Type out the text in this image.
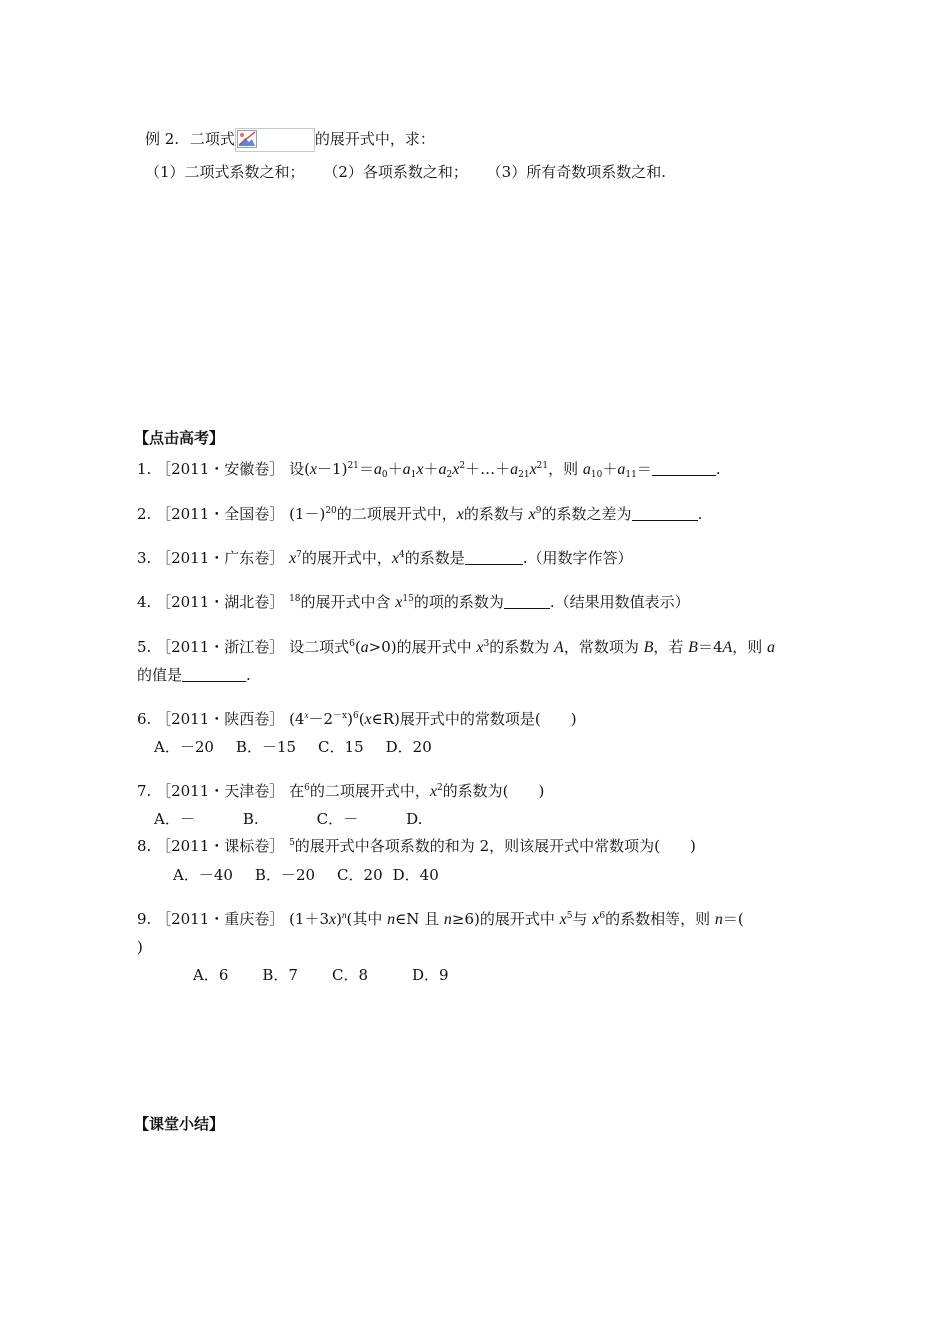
例 2. 二项式	的展开式中，求：
（1）二项式系数之和； （2）各项系数之和； （3）所有奇数项系数之和.
【点击高考】
1. ［2011・安徽卷］ 设$(x-1)^{21}=a_0+a_1x+a_2x^2+\dots+a_{21}x^{21}$，则 $a_{10}+a_{11}=$	.
2. ［2011・全国卷］ $(1-)^{20}$的二项展开式中，x的系数与 $x^9$的系数之差为	.
3. ［2011・广东卷］ $x^7$的展开式中，$x^4$的系数是	.（用数字作答）
4. ［2011・湖北卷］ $^{18}$的展开式中含 $x^{15}$的项的系数为	.（结果用数值表示）
5. ［2011・浙江卷］ 设二项式$^6$(a>0)的展开式中 $x^3$的系数为 A，常数项为 B，若 B＝4A，则 a
的值是	.
6. ［2011・陕西卷］ $(4^x-2^{-x})^6(x\in R)$展开式中的常数项是(　　)
A．－20 B．－15 C．15 D．20
7. ［2011・天津卷］ 在$^6$的二项展开式中，$x^2$的系数为(　　)
A．－	B.	C．－	D.
8. ［2011・课标卷］ $^5$的展开式中各项系数的和为 2，则该展开式中常数项为(　　)
A．－40 B．－20 C．20 D．40
9. ［2011・重庆卷］ $(1+3x)^n$(其中 n∈N 且 n≥6)的展开式中 $x^5$与 $x^6$的系数相等，则 n＝(
)
A．6 B．7 C．8	D．9
【课堂小结】
